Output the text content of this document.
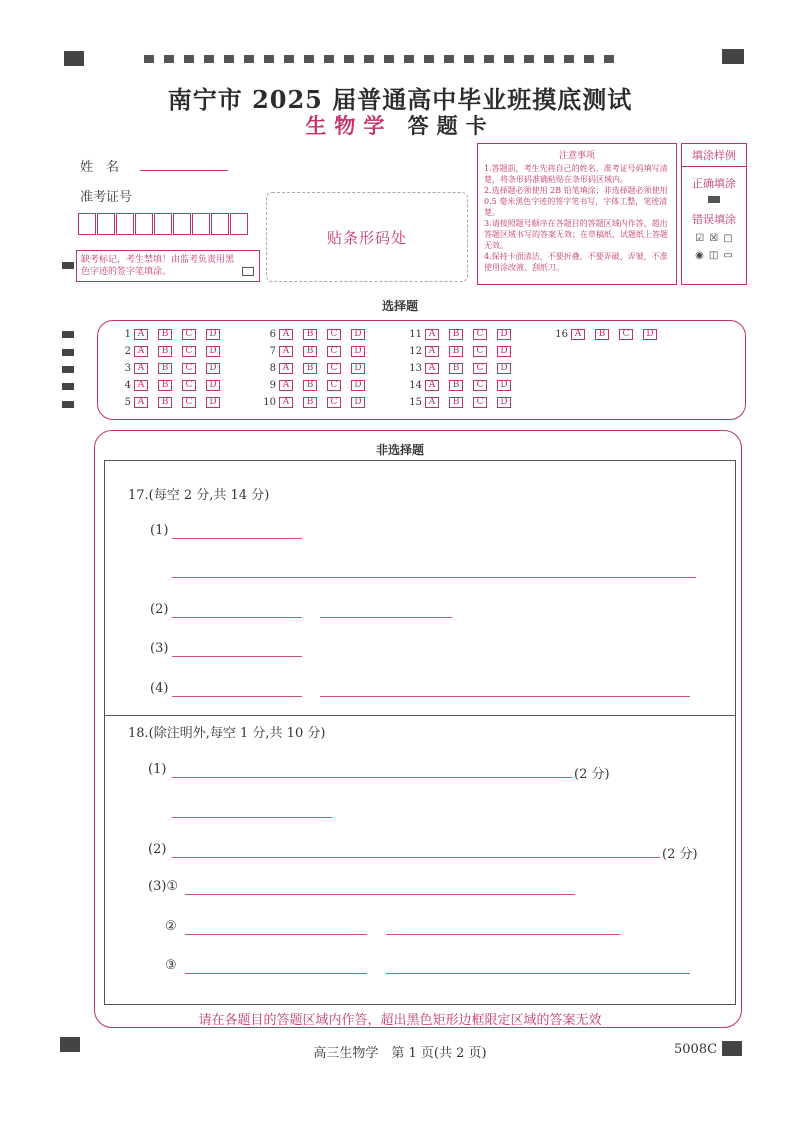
南宁市 2025 届普通高中毕业班摸底测试
生物学 答题卡
姓　名
准考证号
缺考标记，考生禁填！由监考负责用黑色字迹的签字笔填涂。
贴条形码处
注意事项

1.答题前，考生先将自己的姓名、准考证号码填写清楚，将条形码准确粘贴在条形码区域内。

2.选择题必须使用 2B 铅笔填涂；非选择题必须使用 0.5 毫米黑色字迹的签字笔书写，字体工整，笔迹清楚。

3.请按照题号顺序在各题目的答题区域内作答，超出答题区域书写的答案无效；在草稿纸、试题纸上答题无效。

4.保持卡面清洁，不要折叠，不要弄破、弄皱，不准使用涂改液、刮纸刀。

填涂样例
正确填涂
错误填涂
☑ ☒ ▢
◉ ◫ ▭
选择题
1 A	B	C	D
2 A	B	C	D
3 A	B	C	D
4 A	B	C	D
5 A	B	C	D
6 A	B	C	D
7 A	B	C	D
8 A	B	C	D
9 A	B	C	D
10 A	B	C	D
11 A	B	C	D
12 A	B	C	D
13 A	B	C	D
14 A	B	C	D
15 A	B	C	D
16 A	B	C	D
非选择题
17.(每空 2 分,共 14 分)
(1)
(2)
(3)
(4)
18.(除注明外,每空 1 分,共 10 分)
(1)	(2 分)
(2)	(2 分)
(3)①
②
③
请在各题目的答题区域内作答，超出黑色矩形边框限定区域的答案无效
高三生物学　第 1 页(共 2 页)	5008C
